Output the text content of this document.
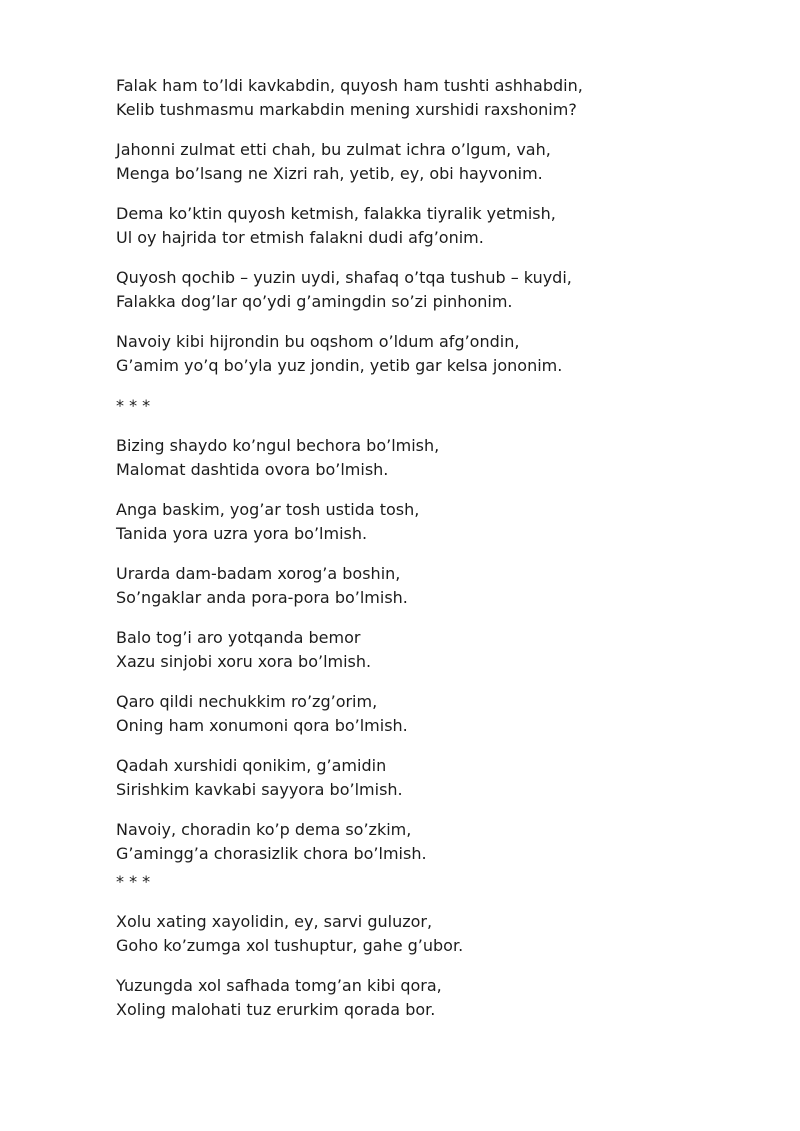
Falak ham to’ldi kavkabdin, quyosh ham tushti ashhabdin,
Kelib tushmasmu markabdin mening xurshidi raxshonim?
Jahonni zulmat etti chah, bu zulmat ichra o’lgum, vah,
Menga bo’lsang ne Xizri rah, yetib, ey, obi hayvonim.
Dema ko’ktin quyosh ketmish, falakka tiyralik yetmish,
Ul oy hajrida tor etmish falakni dudi afg’onim.
Quyosh qochib – yuzin uydi, shafaq o’tqa tushub – kuydi,
Falakka dog’lar qo’ydi g’amingdin so’zi pinhonim.
Navoiy kibi hijrondin bu oqshom o’ldum afg’ondin,
G’amim yo’q bo’yla yuz jondin, yetib gar kelsa jononim.
* * *
Bizing shaydo ko’ngul bechora bo’lmish,
Malomat dashtida ovora bo’lmish.
Anga baskim, yog’ar tosh ustida tosh,
Tanida yora uzra yora bo’lmish.
Urarda dam-badam xorog’a boshin,
So’ngaklar anda pora-pora bo’lmish.
Balo tog’i aro yotqanda bemor
Xazu sinjobi xoru xora bo’lmish.
Qaro qildi nechukkim ro’zg’orim,
Oning ham xonumoni qora bo’lmish.
Qadah xurshidi qonikim, g’amidin
Sirishkim kavkabi sayyora bo’lmish.
Navoiy, choradin ko’p dema so’zkim,
G’amingg’a chorasizlik chora bo’lmish.
* * *
Xolu xating xayolidin, ey, sarvi guluzor,
Goho ko’zumga xol tushuptur, gahe g’ubor.
Yuzungda xol safhada tomg’an kibi qora,
Xoling malohati tuz erurkim qorada bor.
